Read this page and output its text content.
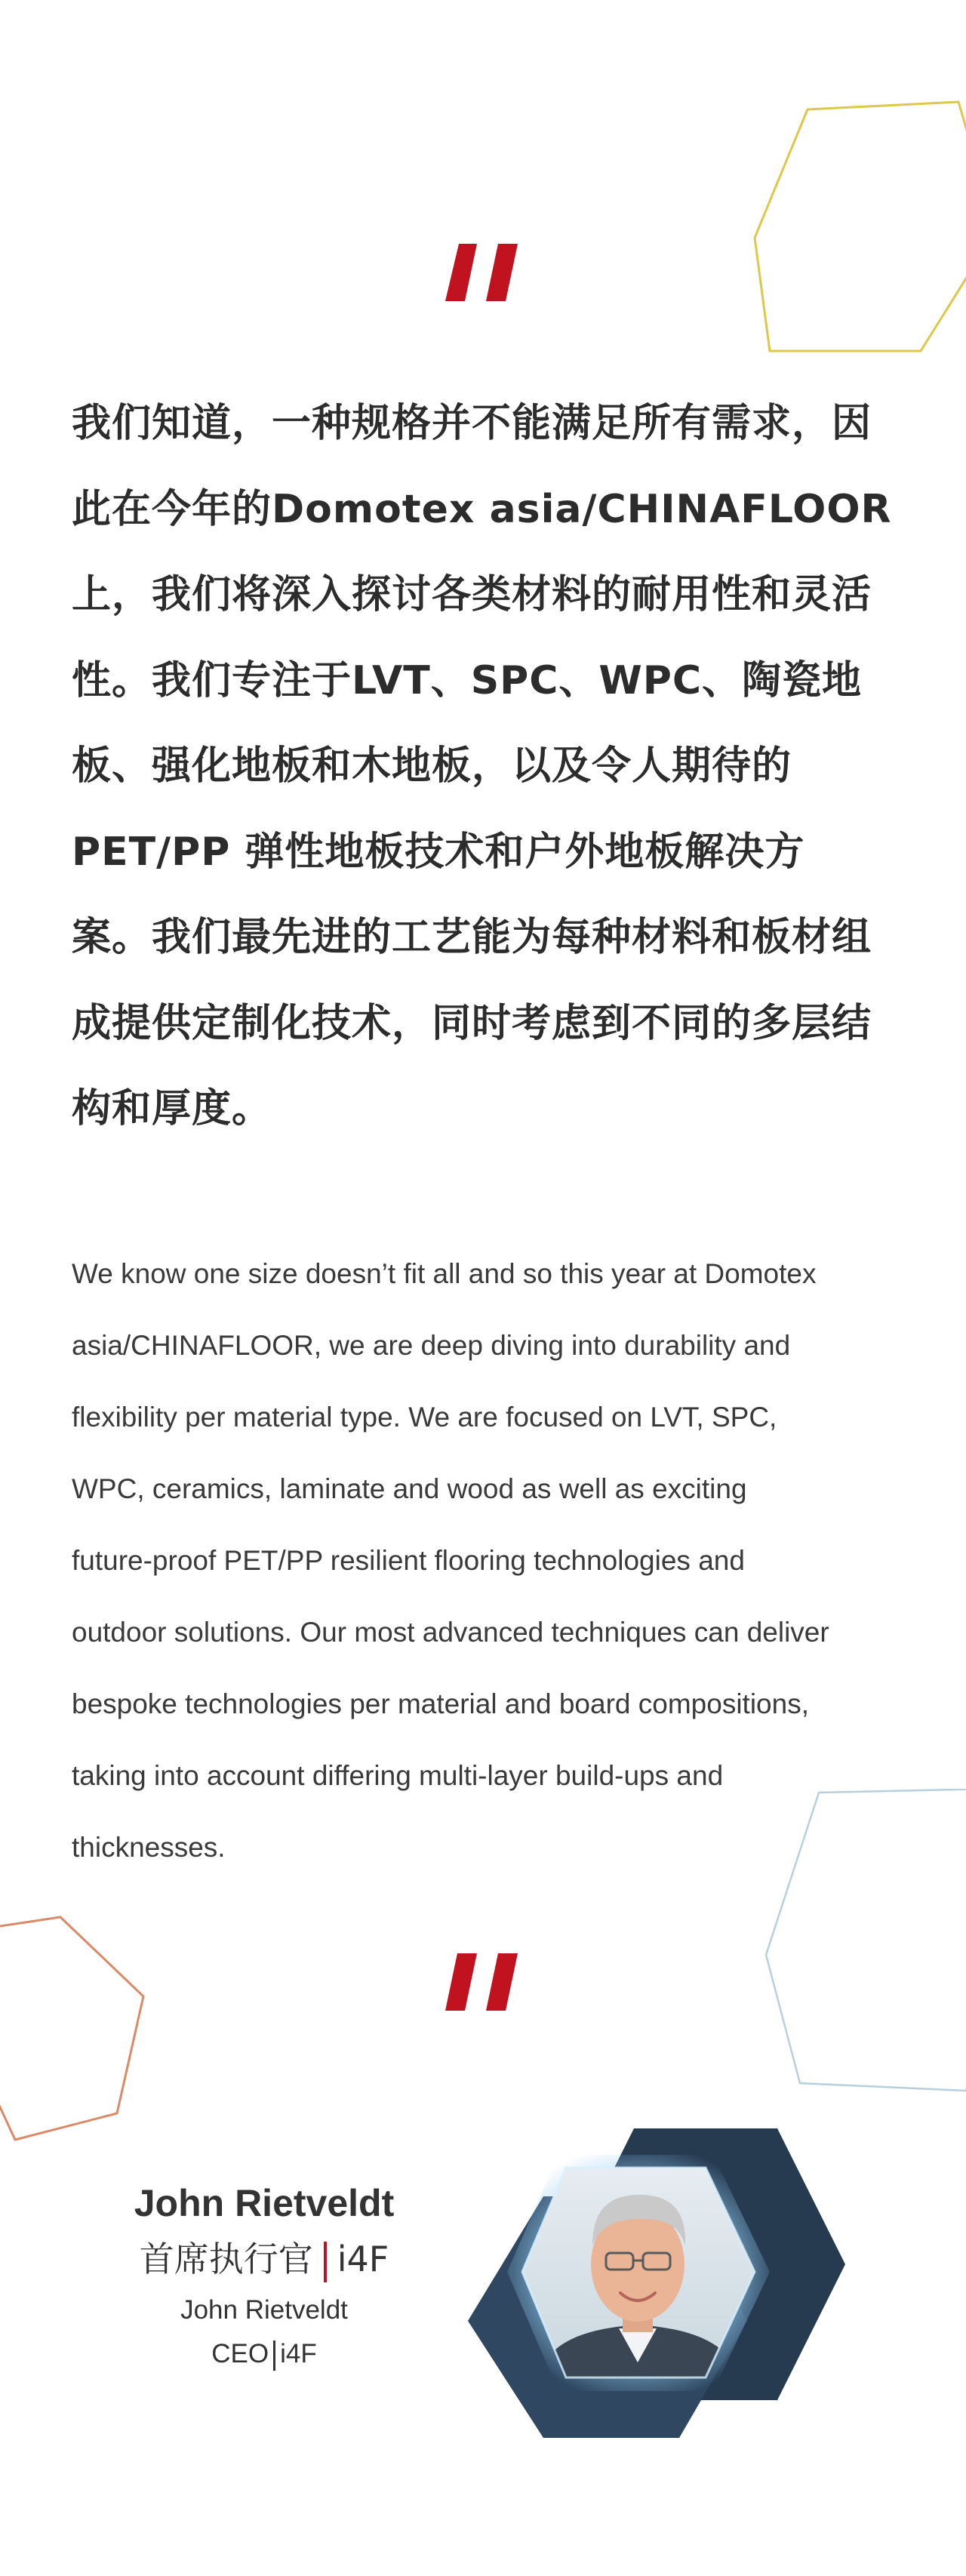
我们知道，一种规格并不能满足所有需求，因

此在今年的Domotex asia/CHINAFLOOR

上，我们将深入探讨各类材料的耐用性和灵活

性。我们专注于LVT、SPC、WPC、陶瓷地

板、强化地板和木地板，以及令人期待的

PET/PP 弹性地板技术和户外地板解决方

案。我们最先进的工艺能为每种材料和板材组

成提供定制化技术，同时考虑到不同的多层结

构和厚度。

We know one size doesn’t fit all and so this year at Domotex

asia/CHINAFLOOR, we are deep diving into durability and

flexibility per material type. We are focused on LVT, SPC,

WPC, ceramics, laminate and wood as well as exciting

future-proof PET/PP resilient flooring technologies and

outdoor solutions. Our most advanced techniques can deliver

bespoke technologies per material and board compositions,

taking into account differing multi-layer build-ups and

thicknesses.

John Rietveldt
首席执行官 i4F
John Rietveldt
CEO i4F
